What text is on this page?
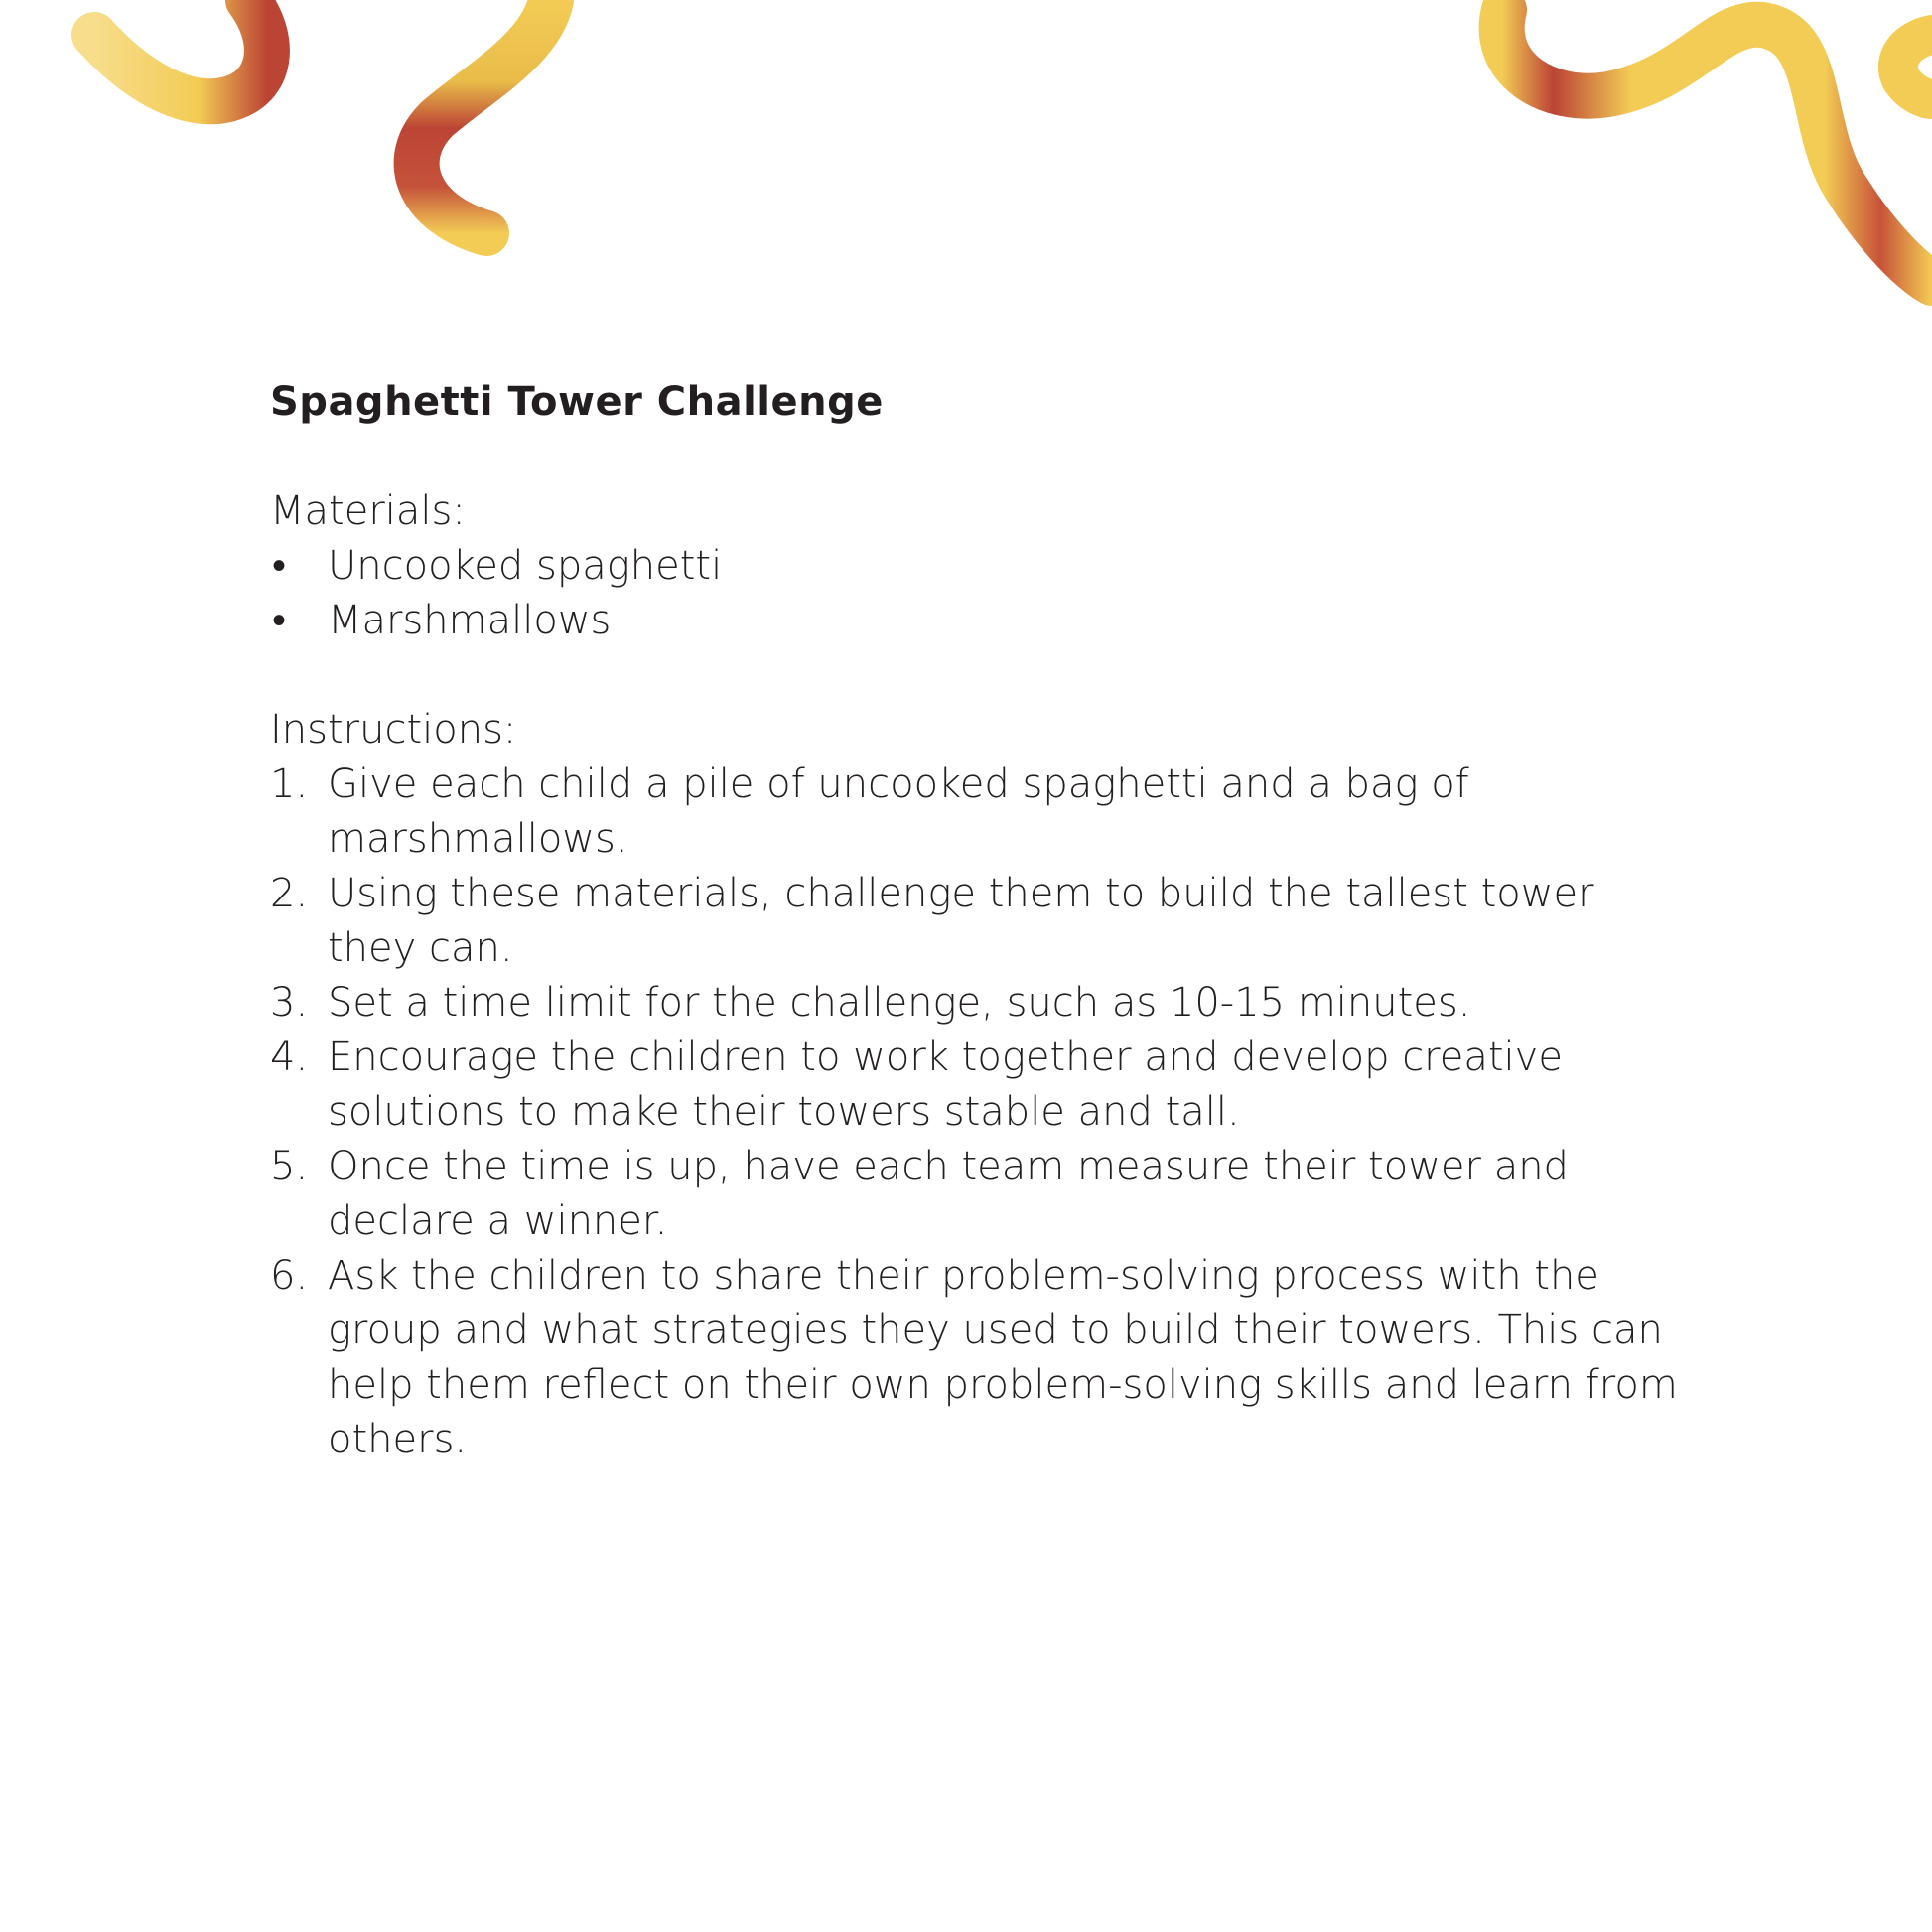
Spaghetti Tower Challenge

Materials:

•	Uncooked spaghetti
•	Marshmallows

Instructions:

1. Give each child a pile of uncooked spaghetti and a bag of marshmallows.
2. Using these materials, challenge them to build the tallest tower they can.
3. Set a time limit for the challenge, such as 10-15 minutes.
4. Encourage the children to work together and develop creative solutions to make their towers stable and tall.
5. Once the time is up, have each team measure their tower and declare a winner.
6. Ask the children to share their problem-solving process with the group and what strategies they used to build their towers. This can help them reflect on their own problem-solving skills and learn from others.
